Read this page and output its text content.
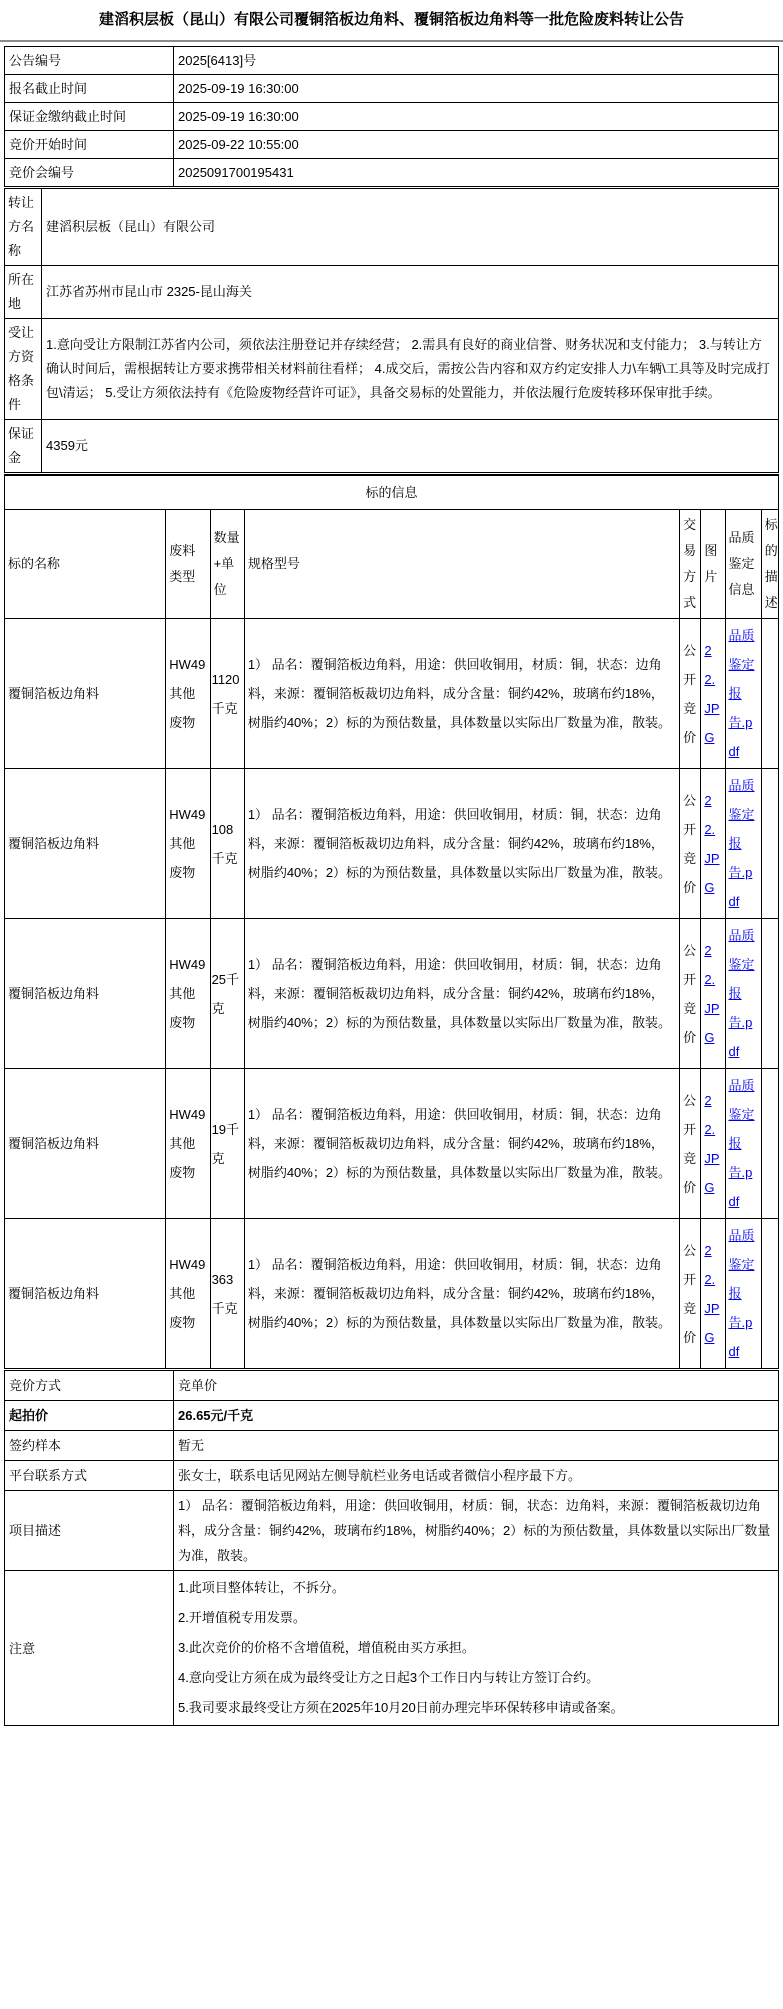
建滔积层板（昆山）有限公司覆铜箔板边角料、覆铜箔板边角料等一批危险废料转让公告
公告编号	2025[6413]号
报名截止时间	2025-09-19 16:30:00
保证金缴纳截止时间	2025-09-19 16:30:00
竞价开始时间	2025-09-22 10:55:00
竞价会编号	2025091700195431
转让方名称	建滔积层板（昆山）有限公司
所在地	江苏省苏州市昆山市 2325-昆山海关
受让方资格条件	1.意向受让方限制江苏省内公司，须依法注册登记并存续经营； 2.需具有良好的商业信誉、财务状况和支付能力； 3.与转让方确认时间后，需根据转让方要求携带相关材料前往看样； 4.成交后，需按公告内容和双方约定安排人力\车辆\工具等及时完成打包\清运； 5.受让方须依法持有《危险废物经营许可证》，具备交易标的处置能力，并依法履行危废转移环保审批手续。
保证金	4359元
标的信息							
标的名称	废料类型	数量+单位	规格型号	交易方式	图片	品质鉴定信息	标的描述
覆铜箔板边角料	HW49其他废物	1120千克	1） 品名：覆铜箔板边角料，用途：供回收铜用，材质：铜，状态：边角料，来源：覆铜箔板裁切边角料，成分含量：铜约42%，玻璃布约18%，树脂约40%；2）标的为预估数量，具体数量以实际出厂数量为准，散装。	公开竞价	22.JPG	品质鉴定报告.pdf	
覆铜箔板边角料	HW49其他废物	108千克	1） 品名：覆铜箔板边角料，用途：供回收铜用，材质：铜，状态：边角料，来源：覆铜箔板裁切边角料，成分含量：铜约42%，玻璃布约18%，树脂约40%；2）标的为预估数量，具体数量以实际出厂数量为准，散装。	公开竞价	22.JPG	品质鉴定报告.pdf	
覆铜箔板边角料	HW49其他废物	25千克	1） 品名：覆铜箔板边角料，用途：供回收铜用，材质：铜，状态：边角料，来源：覆铜箔板裁切边角料，成分含量：铜约42%，玻璃布约18%，树脂约40%；2）标的为预估数量，具体数量以实际出厂数量为准，散装。	公开竞价	22.JPG	品质鉴定报告.pdf	
覆铜箔板边角料	HW49其他废物	19千克	1） 品名：覆铜箔板边角料，用途：供回收铜用，材质：铜，状态：边角料，来源：覆铜箔板裁切边角料，成分含量：铜约42%，玻璃布约18%，树脂约40%；2）标的为预估数量，具体数量以实际出厂数量为准，散装。	公开竞价	22.JPG	品质鉴定报告.pdf	
覆铜箔板边角料	HW49其他废物	363千克	1） 品名：覆铜箔板边角料，用途：供回收铜用，材质：铜，状态：边角料，来源：覆铜箔板裁切边角料，成分含量：铜约42%，玻璃布约18%，树脂约40%；2）标的为预估数量，具体数量以实际出厂数量为准，散装。	公开竞价	22.JPG	品质鉴定报告.pdf	
竞价方式	竞单价
起拍价	26.65元/千克
签约样本	暂无
平台联系方式	张女士，联系电话见网站左侧导航栏业务电话或者微信小程序最下方。
项目描述	1） 品名：覆铜箔板边角料，用途：供回收铜用，材质：铜，状态：边角料，来源：覆铜箔板裁切边角料，成分含量：铜约42%，玻璃布约18%，树脂约40%；2）标的为预估数量，具体数量以实际出厂数量为准，散装。
注意	1.此项目整体转让，不拆分。
2.开增值税专用发票。
3.此次竞价的价格不含增值税，增值税由买方承担。
4.意向受让方须在成为最终受让方之日起3个工作日内与转让方签订合约。
5.我司要求最终受让方须在2025年10月20日前办理完毕环保转移申请或备案。
